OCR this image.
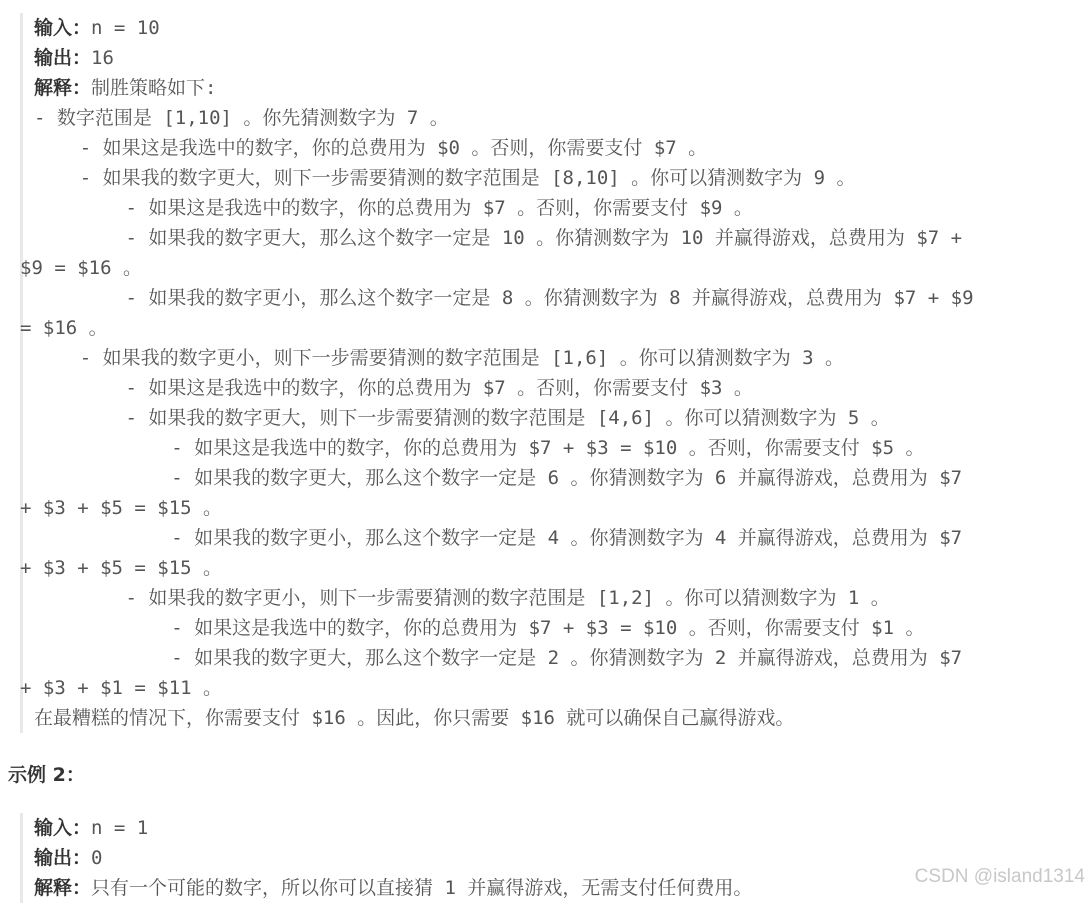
输入：n = 10
输出：16
解释：制胜策略如下:
- 数字范围是 [1,10] 。你先猜测数字为 7 。
- 如果这是我选中的数字，你的总费用为 $0 。否则，你需要支付 $7 。
- 如果我的数字更大，则下一步需要猜测的数字范围是 [8,10] 。你可以猜测数字为 9 。
- 如果这是我选中的数字，你的总费用为 $7 。否则，你需要支付 $9 。
- 如果我的数字更大，那么这个数字一定是 10 。你猜测数字为 10 并赢得游戏，总费用为 $7 +
$9 = $16 。
- 如果我的数字更小，那么这个数字一定是 8 。你猜测数字为 8 并赢得游戏，总费用为 $7 + $9
= $16 。
- 如果我的数字更小，则下一步需要猜测的数字范围是 [1,6] 。你可以猜测数字为 3 。
- 如果这是我选中的数字，你的总费用为 $7 。否则，你需要支付 $3 。
- 如果我的数字更大，则下一步需要猜测的数字范围是 [4,6] 。你可以猜测数字为 5 。
- 如果这是我选中的数字，你的总费用为 $7 + $3 = $10 。否则，你需要支付 $5 。
- 如果我的数字更大，那么这个数字一定是 6 。你猜测数字为 6 并赢得游戏，总费用为 $7
+ $3 + $5 = $15 。
- 如果我的数字更小，那么这个数字一定是 4 。你猜测数字为 4 并赢得游戏，总费用为 $7
+ $3 + $5 = $15 。
- 如果我的数字更小，则下一步需要猜测的数字范围是 [1,2] 。你可以猜测数字为 1 。
- 如果这是我选中的数字，你的总费用为 $7 + $3 = $10 。否则，你需要支付 $1 。
- 如果我的数字更大，那么这个数字一定是 2 。你猜测数字为 2 并赢得游戏，总费用为 $7
+ $3 + $1 = $11 。
在最糟糕的情况下，你需要支付 $16 。因此，你只需要 $16 就可以确保自己赢得游戏。
示例 2：
输入：n = 1
输出：0
解释：只有一个可能的数字，所以你可以直接猜 1 并赢得游戏，无需支付任何费用。
CSDN @island1314
